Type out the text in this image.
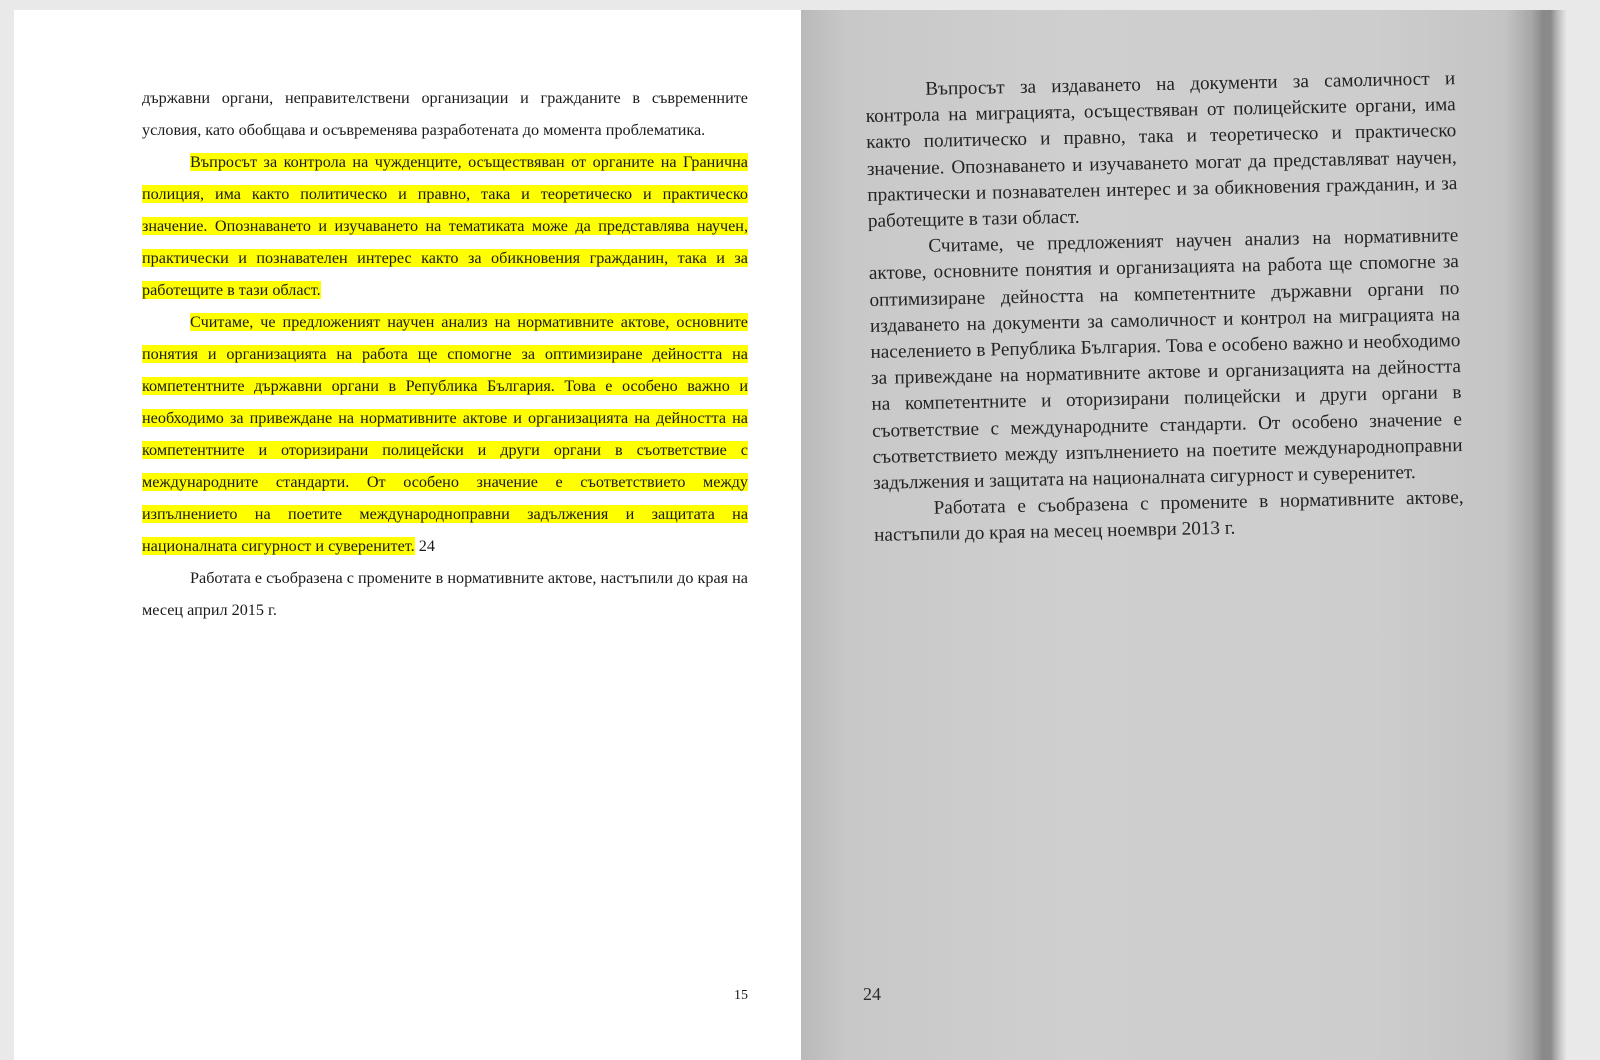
държавни органи, неправителствени организации и гражданите в съвременните условия, като обобщава и осъвременява разработената до момента проблематика.

Въпросът за контрола на чужденците, осъществяван от органите на Гранична полиция, има както политическо и правно, така и теоретическо и практическо значение. Опознаването и изучаването на тематиката може да представлява научен, практически и познавателен интерес както за обикновения гражданин, така и за работещите в тази област.

Считаме, че предложеният научен анализ на нормативните актове, основните понятия и организацията на работа ще спомогне за оптимизиране дейността на компетентните държавни органи в Република България. Това е особено важно и необходимо за привеждане на нормативните актове и организацията на дейността на компетентните и оторизирани полицейски и други органи в съответствие с международните стандарти. От особено значение е съответствието между изпълнението на поетите международноправни задължения и защитата на националната сигурност и суверенитет. 24

Работата е съобразена с промените в нормативните актове, настъпили до края на месец април 2015 г.

15

Въпросът за издаването на документи за самоличност и контрола на миграцията, осъществяван от полицейските органи, има както политическо и правно, така и теоретическо и практическо значение. Опознаването и изучаването могат да представляват научен, практически и познавателен интерес и за обикновения гражданин, и за работещите в тази област.

Считаме, че предложеният научен анализ на нормативните актове, основните понятия и организацията на работа ще спомогне за оптимизиране дейността на компетентните държавни органи по издаването на документи за самоличност и контрол на миграцията на населението в Република България. Това е особено важно и необходимо за привеждане на нормативните актове и организацията на дейността на компетентните и оторизирани полицейски и други органи в съответствие с международните стандарти. От особено значение е съответствието между изпълнението на поетите международноправни задължения и защитата на националната сигурност и суверенитет.

Работата е съобразена с промените в нормативните актове, настъпили до края на месец ноември 2013 г.

24
